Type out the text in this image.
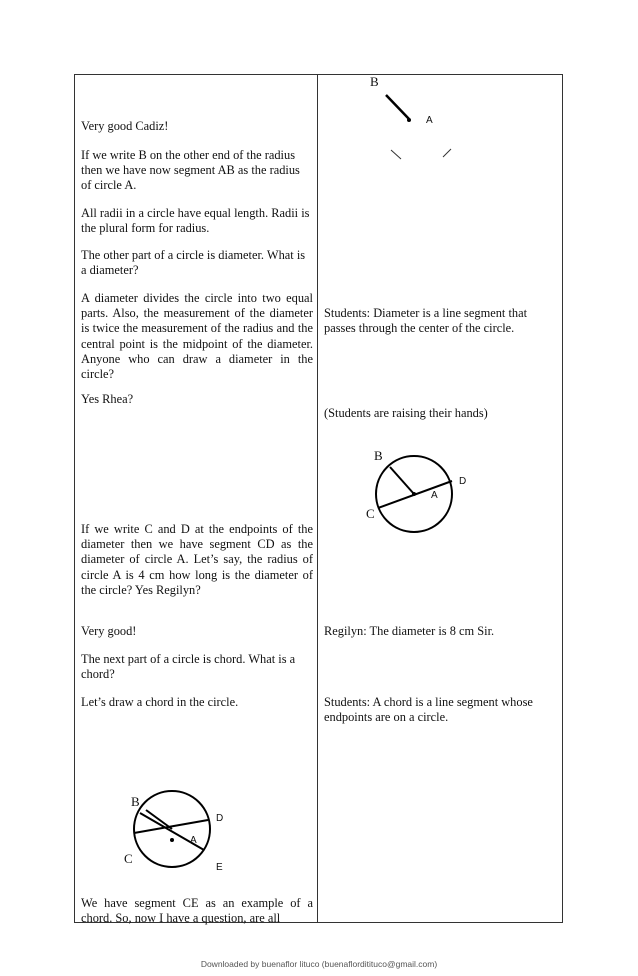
Very good Cadiz!

If we write B on the other end of the radius then we have now segment AB as the radius of circle A.

All radii in a circle have equal length. Radii is the plural form for radius.

The other part of a circle is diameter. What is a diameter?

A diameter divides the circle into two equal parts. Also, the measurement of the diameter is twice the measurement of the radius and the central point is the midpoint of the diameter. Anyone who can draw a diameter in the circle?

Yes Rhea?

If we write C and D at the endpoints of the diameter then we have segment CD as the diameter of circle A. Let’s say, the radius of circle A is 4 cm how long is the diameter of the circle? Yes Regilyn?

Very good!

The next part of a circle is chord. What is a chord?

Let’s draw a chord in the circle.

We have segment CE as an example of a chord. So, now I have a question, are all

Students: Diameter is a line segment that passes through the center of the circle.

(Students are raising their hands)

Regilyn: The diameter is 8 cm Sir.

Students: A chord is a line segment whose endpoints are on a circle.

B
A
B
A
C
D
B
A
C
D
E
Downloaded by buenaflor lituco (buenaflorditituco@gmail.com)
